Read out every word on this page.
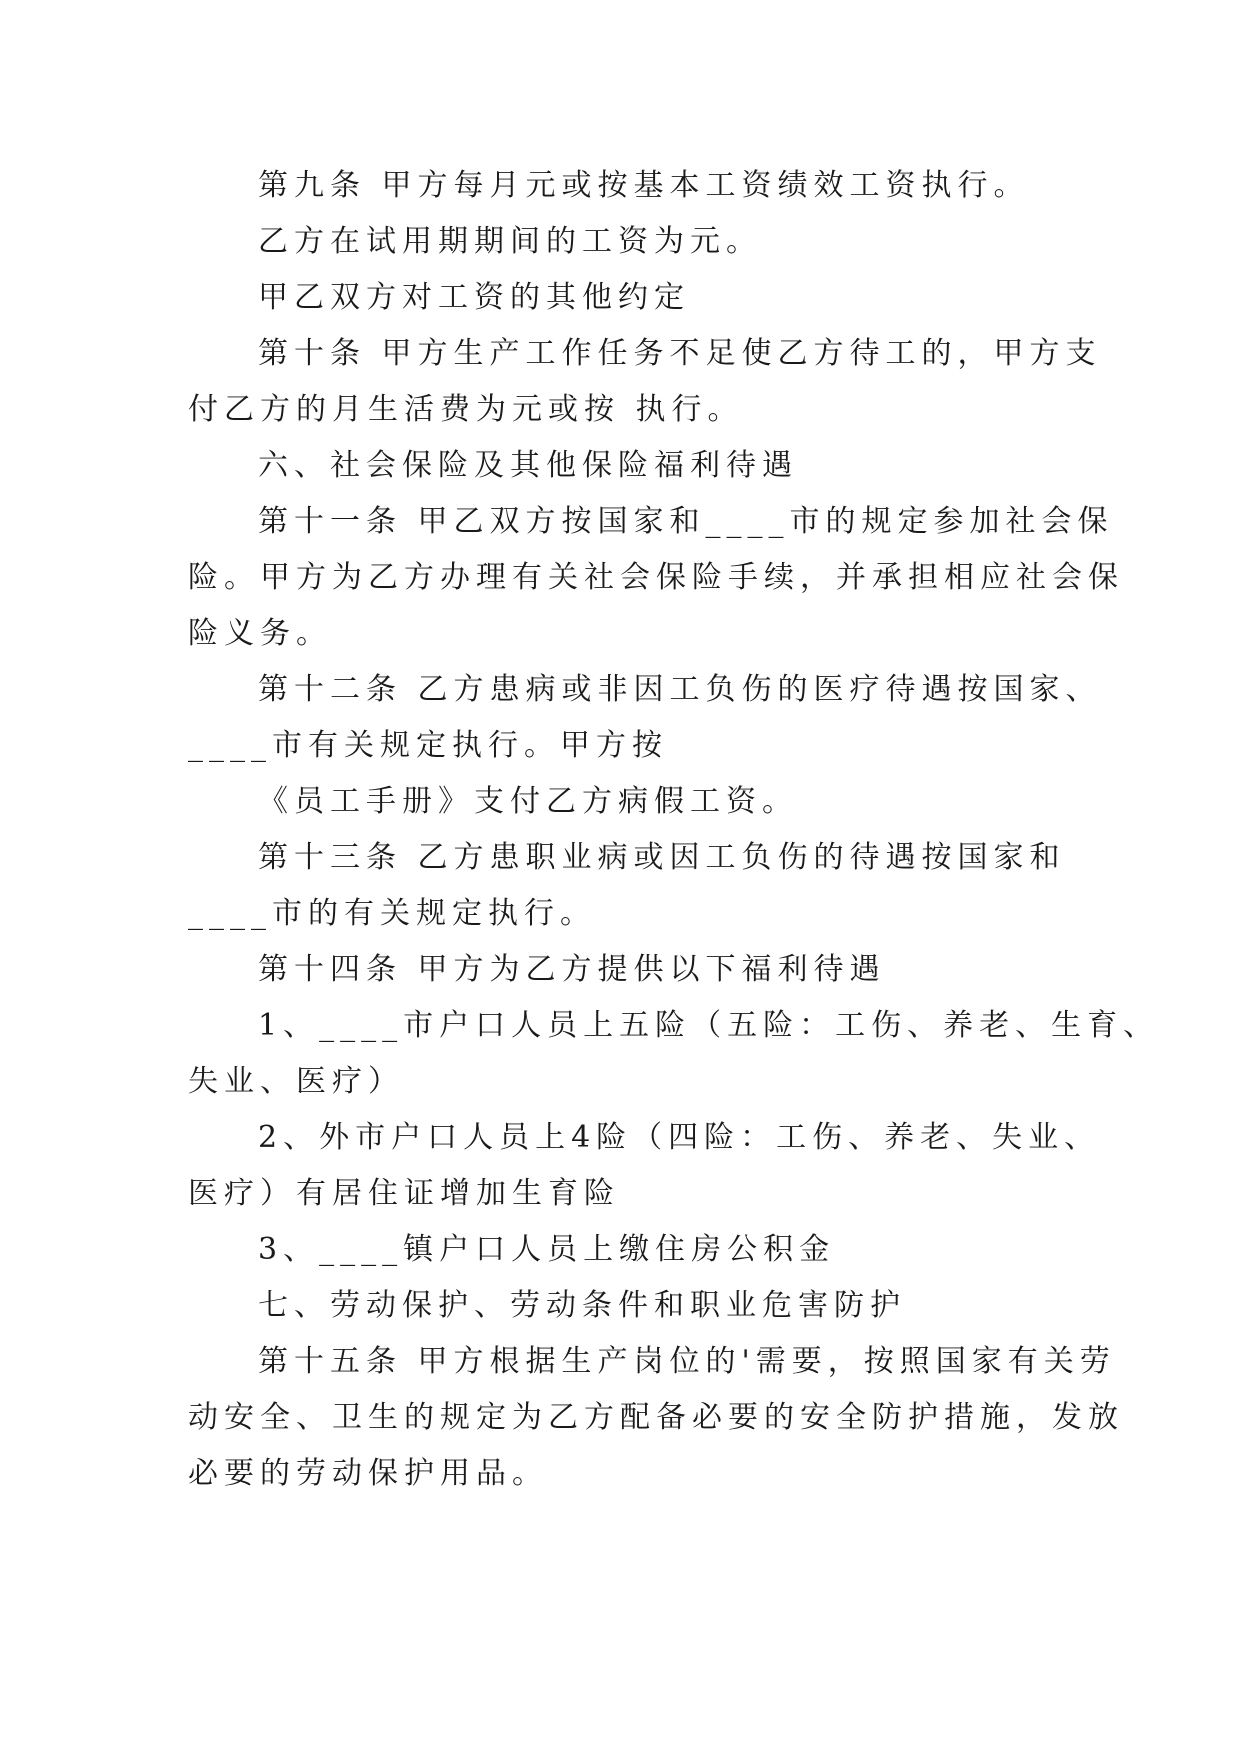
第九条 甲方每月元或按基本工资绩效工资执行。
乙方在试用期期间的工资为元。
甲乙双方对工资的其他约定
第十条 甲方生产工作任务不足使乙方待工的，甲方支
付乙方的月生活费为元或按 执行。
六、社会保险及其他保险福利待遇
第十一条 甲乙双方按国家和____市的规定参加社会保
险。甲方为乙方办理有关社会保险手续，并承担相应社会保
险义务。
第十二条 乙方患病或非因工负伤的医疗待遇按国家、
____市有关规定执行。甲方按
《员工手册》支付乙方病假工资。
第十三条 乙方患职业病或因工负伤的待遇按国家和
____市的有关规定执行。
第十四条 甲方为乙方提供以下福利待遇
1、____市户口人员上五险（五险：工伤、养老、生育、
失业、医疗）
2、外市户口人员上4险（四险：工伤、养老、失业、
医疗）有居住证增加生育险
3、____镇户口人员上缴住房公积金
七、劳动保护、劳动条件和职业危害防护
第十五条 甲方根据生产岗位的'需要，按照国家有关劳
动安全、卫生的规定为乙方配备必要的安全防护措施，发放
必要的劳动保护用品。
